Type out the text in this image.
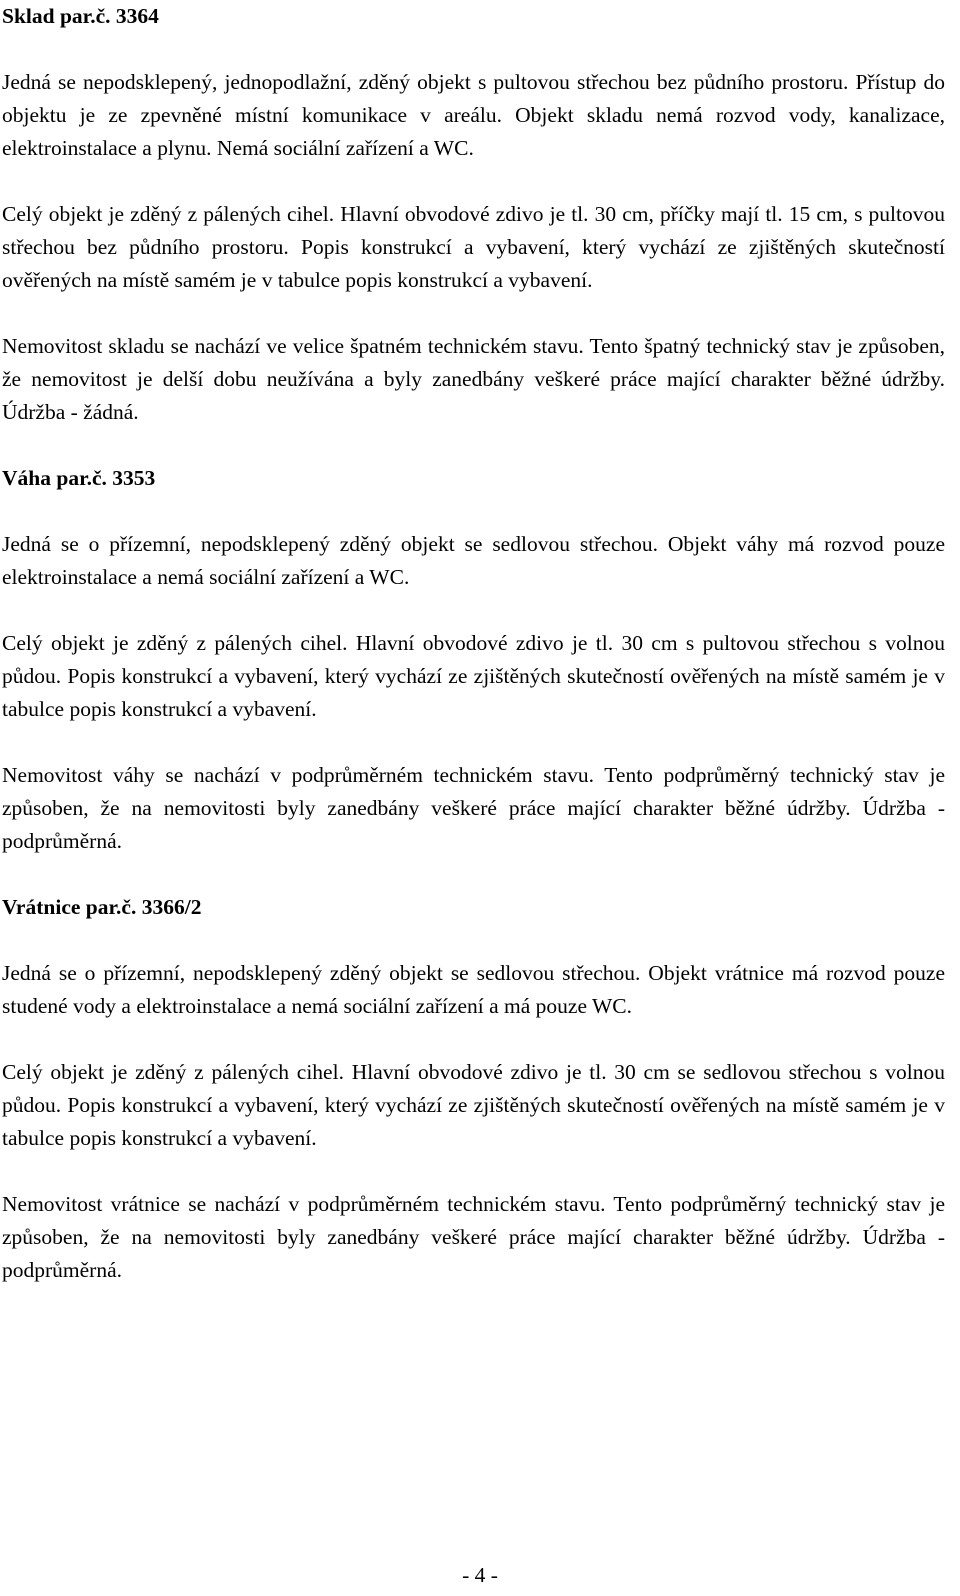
Sklad par.č. 3364

Jedná se nepodsklepený, jednopodlažní, zděný objekt s pultovou střechou bez půdního prostoru. Přístup do objektu je ze zpevněné místní komunikace v areálu. Objekt skladu nemá rozvod vody, kanalizace, elektroinstalace a plynu. Nemá sociální zařízení a WC.

Celý objekt je zděný z pálených cihel. Hlavní obvodové zdivo je tl. 30 cm, příčky mají tl. 15 cm, s pultovou střechou bez půdního prostoru. Popis konstrukcí a vybavení, který vychází ze zjištěných skutečností ověřených na místě samém je v tabulce popis konstrukcí a vybavení.

Nemovitost skladu se nachází ve velice špatném technickém stavu. Tento špatný technický stav je způsoben, že nemovitost je delší dobu neužívána a byly zanedbány veškeré práce mající charakter běžné údržby. Údržba - žádná.

Váha par.č. 3353

Jedná se o přízemní, nepodsklepený zděný objekt se sedlovou střechou. Objekt váhy má rozvod pouze elektroinstalace a nemá sociální zařízení a WC.

Celý objekt je zděný z pálených cihel. Hlavní obvodové zdivo je tl. 30 cm s pultovou střechou s volnou půdou. Popis konstrukcí a vybavení, který vychází ze zjištěných skutečností ověřených na místě samém je v tabulce popis konstrukcí a vybavení.

Nemovitost váhy se nachází v podprůměrném technickém stavu. Tento podprůměrný technický stav je způsoben, že na nemovitosti byly zanedbány veškeré práce mající charakter běžné údržby. Údržba - podprůměrná.

Vrátnice par.č. 3366/2

Jedná se o přízemní, nepodsklepený zděný objekt se sedlovou střechou. Objekt vrátnice má rozvod pouze studené vody a elektroinstalace a nemá sociální zařízení a má pouze WC.

Celý objekt je zděný z pálených cihel. Hlavní obvodové zdivo je tl. 30 cm se sedlovou střechou s volnou půdou. Popis konstrukcí a vybavení, který vychází ze zjištěných skutečností ověřených na místě samém je v tabulce popis konstrukcí a vybavení.

Nemovitost vrátnice se nachází v podprůměrném technickém stavu. Tento podprůměrný technický stav je způsoben, že na nemovitosti byly zanedbány veškeré práce mající charakter běžné údržby. Údržba - podprůměrná.

- 4 -
